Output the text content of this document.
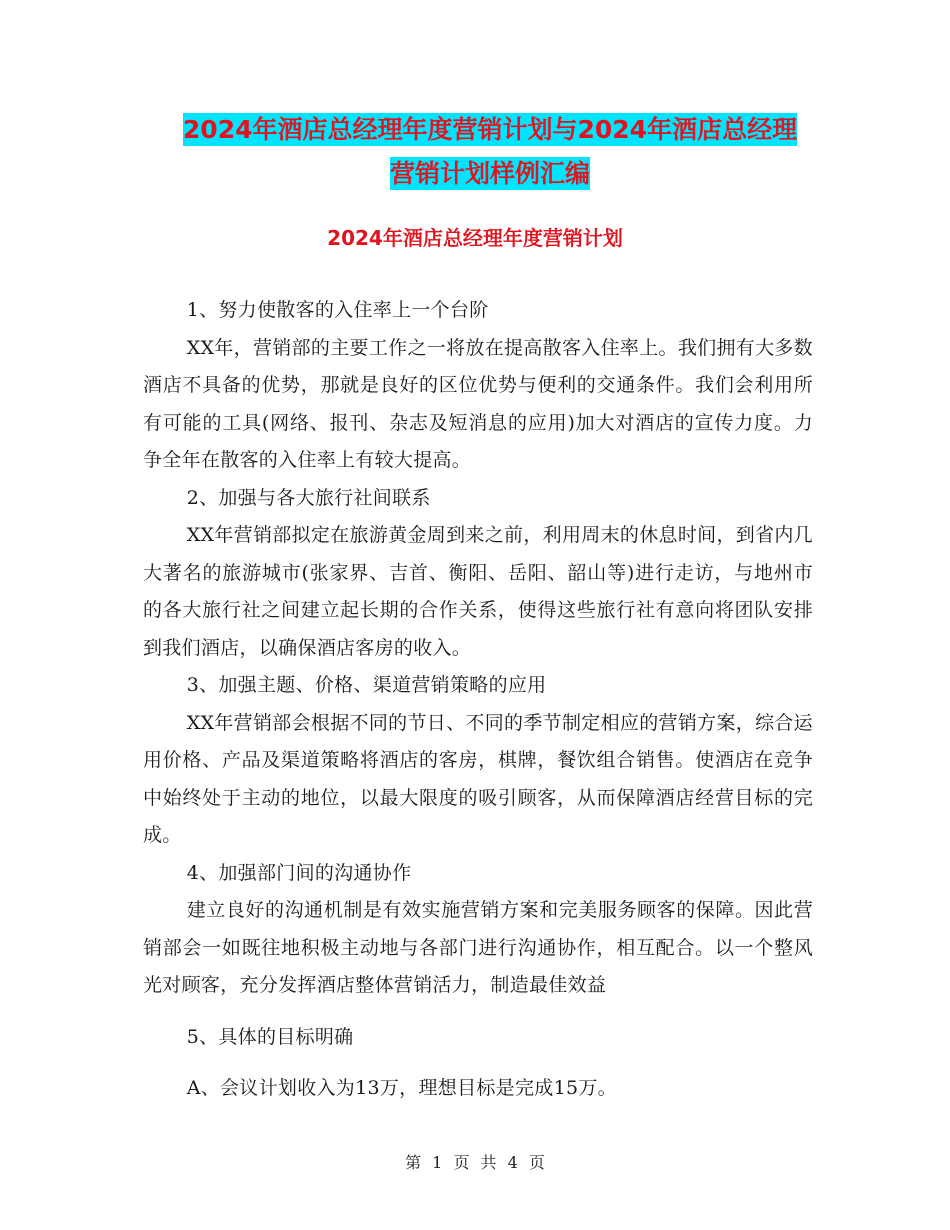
2024年酒店总经理年度营销计划与2024年酒店总经理
营销计划样例汇编
2024年酒店总经理年度营销计划

1、努力使散客的入住率上一个台阶

XX年，营销部的主要工作之一将放在提高散客入住率上。我们拥有大多数酒店不具备的优势，那就是良好的区位优势与便利的交通条件。我们会利用所有可能的工具(网络、报刊、杂志及短消息的应用)加大对酒店的宣传力度。力争全年在散客的入住率上有较大提高。

2、加强与各大旅行社间联系

XX年营销部拟定在旅游黄金周到来之前，利用周末的休息时间，到省内几大著名的旅游城市(张家界、吉首、衡阳、岳阳、韶山等)进行走访，与地州市的各大旅行社之间建立起长期的合作关系，使得这些旅行社有意向将团队安排到我们酒店，以确保酒店客房的收入。

3、加强主题、价格、渠道营销策略的应用

XX年营销部会根据不同的节日、不同的季节制定相应的营销方案，综合运用价格、产品及渠道策略将酒店的客房，棋牌，餐饮组合销售。使酒店在竞争中始终处于主动的地位，以最大限度的吸引顾客，从而保障酒店经营目标的完成。

4、加强部门间的沟通协作

建立良好的沟通机制是有效实施营销方案和完美服务顾客的保障。因此营销部会一如既往地积极主动地与各部门进行沟通协作，相互配合。以一个整风光对顾客，充分发挥酒店整体营销活力，制造最佳效益

5、具体的目标明确

A、会议计划收入为13万，理想目标是完成15万。

第 1 页 共 4 页
